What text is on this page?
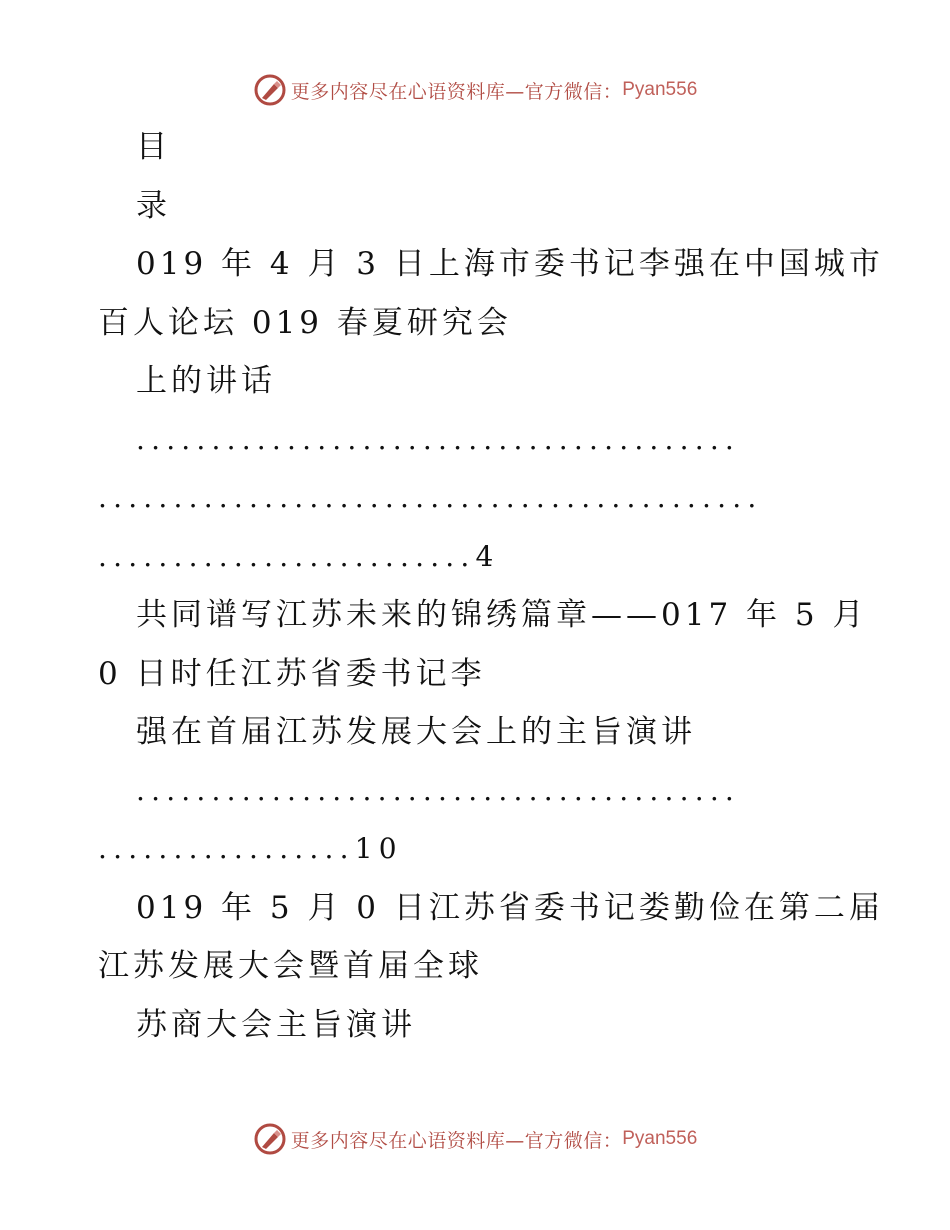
更多内容尽在心语资料库—官方微信： Pyan556
目
录
019 年 4 月 3 日上海市委书记李强在中国城市
百人论坛 019 春夏研究会
上的讲话
........................................
............................................
.........................4
共同谱写江苏未来的锦绣篇章——017 年 5 月
0 日时任江苏省委书记李
强在首届江苏发展大会上的主旨演讲
........................................
.................10
019 年 5 月 0 日江苏省委书记娄勤俭在第二届
江苏发展大会暨首届全球
苏商大会主旨演讲
更多内容尽在心语资料库—官方微信： Pyan556
